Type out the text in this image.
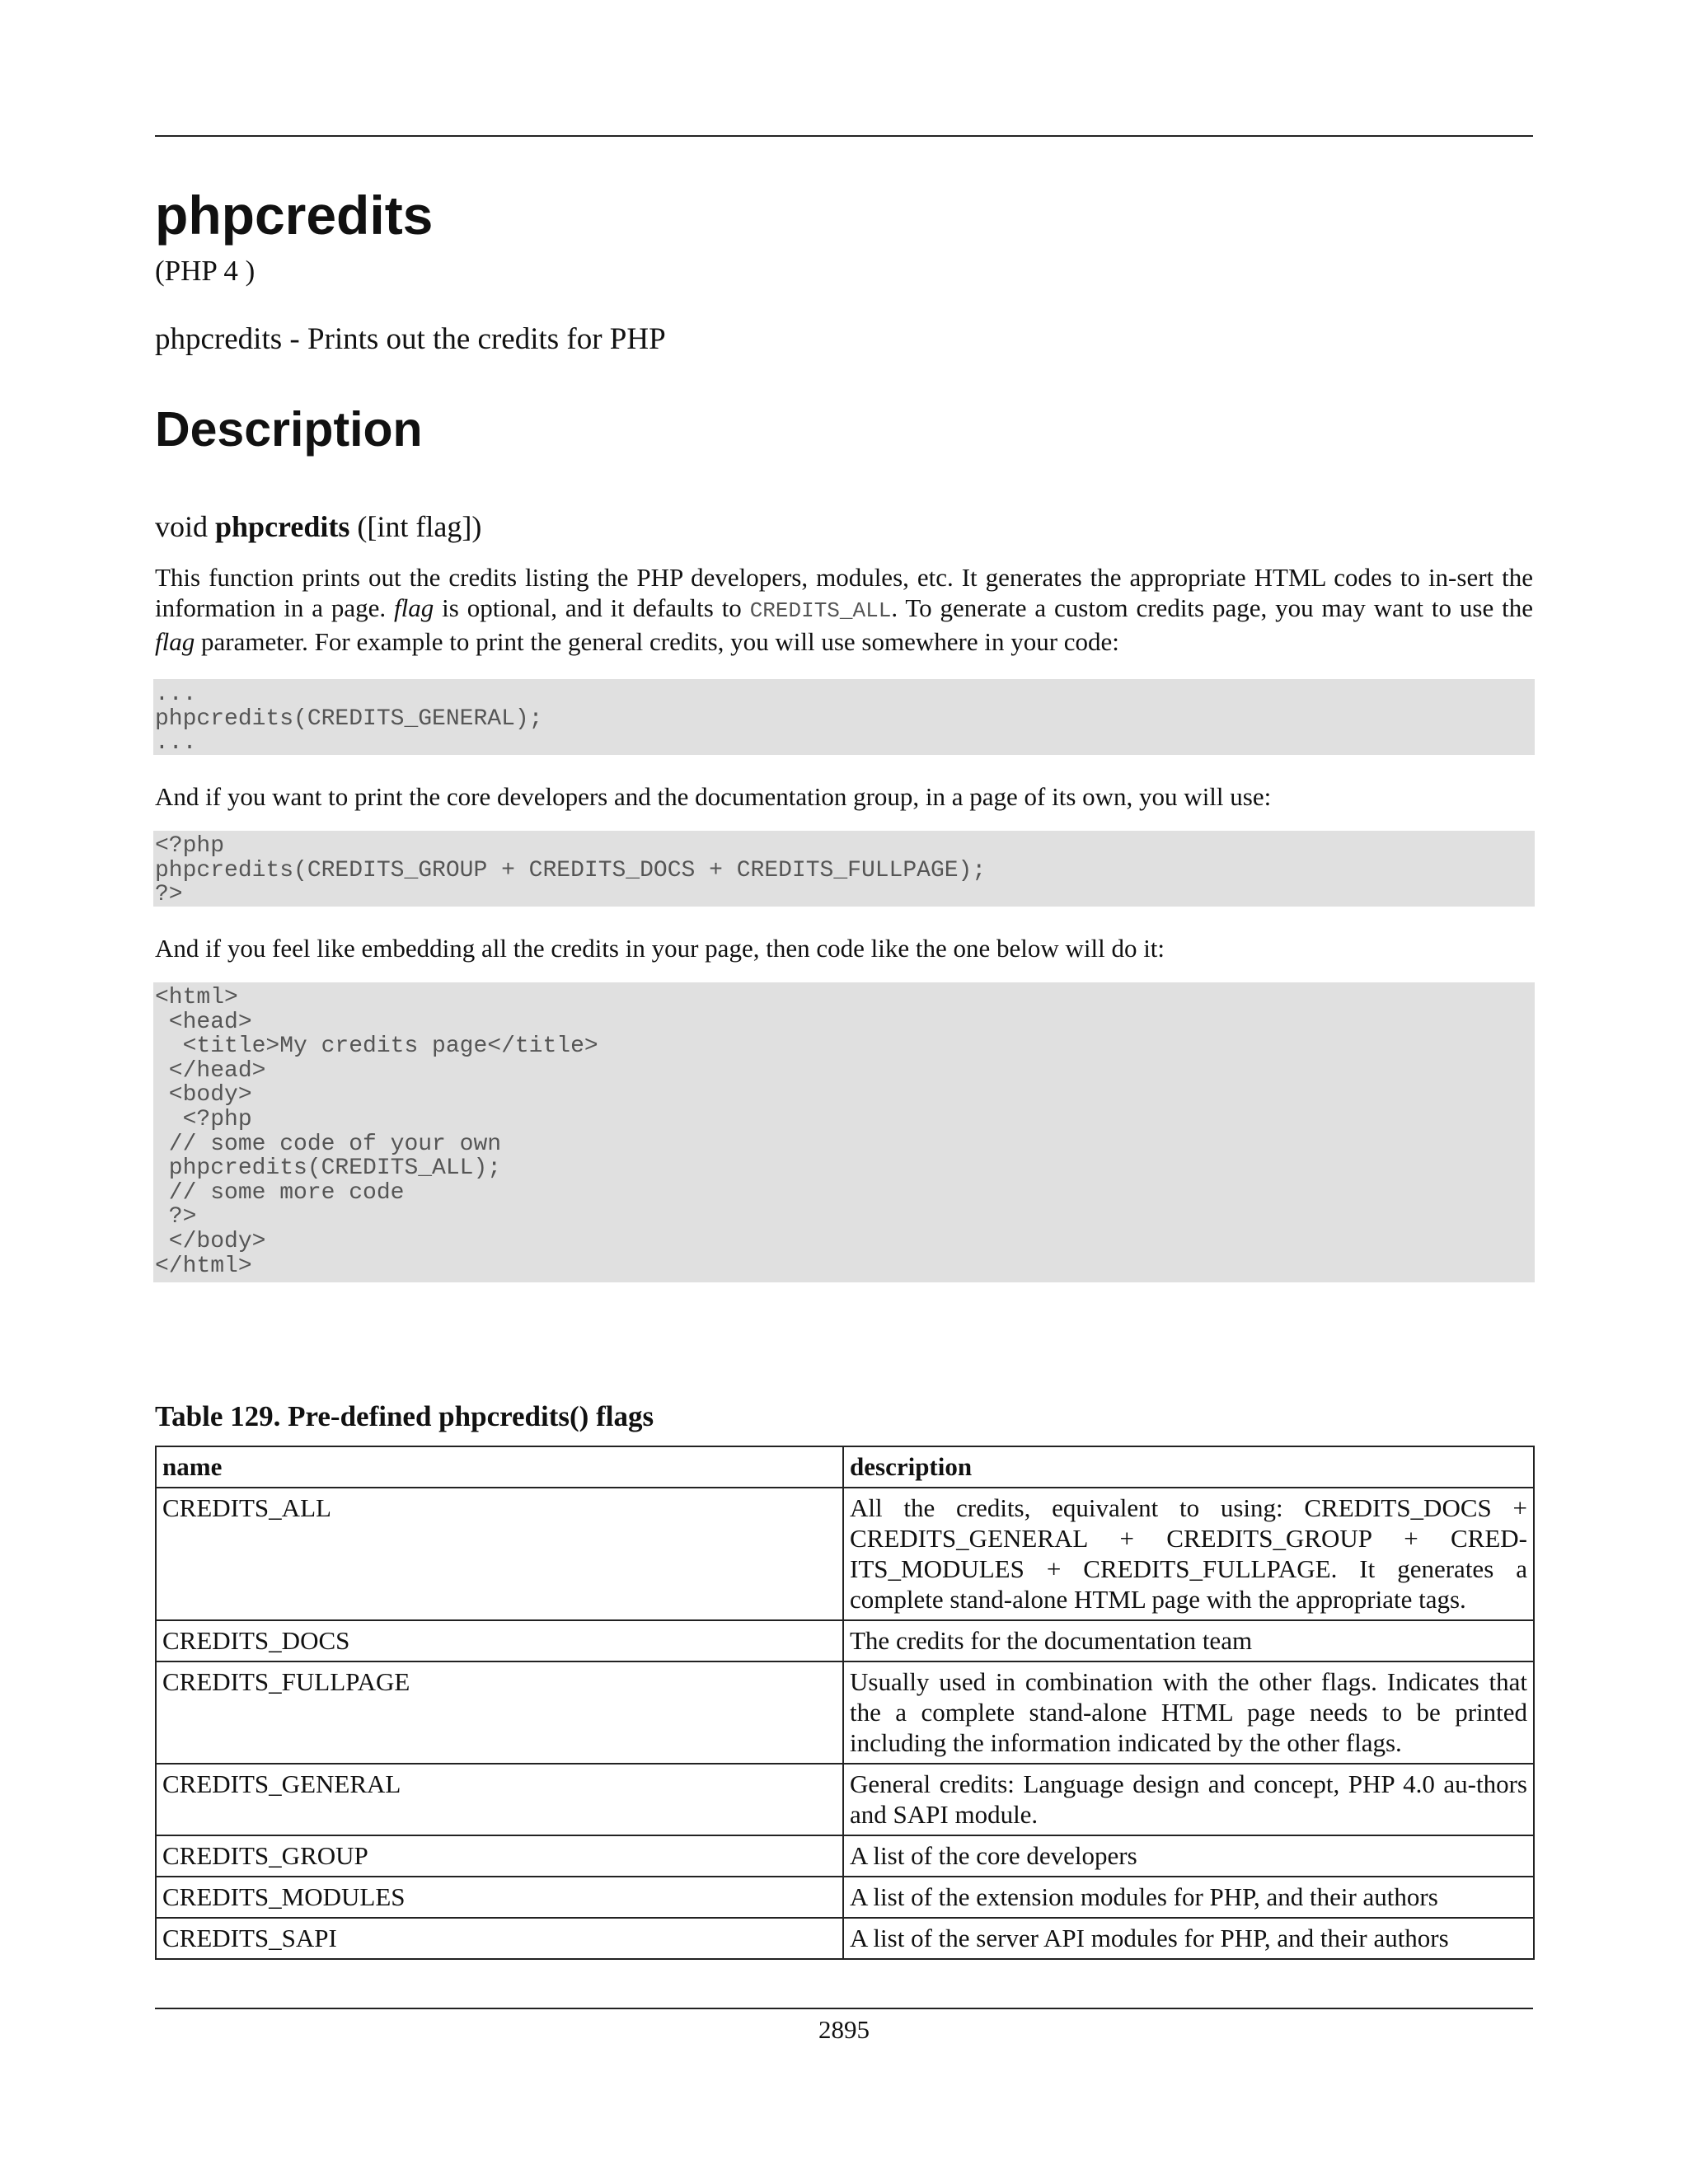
phpcredits
(PHP 4 )
phpcredits - Prints out the credits for PHP
Description
void phpcredits ([int flag])

This function prints out the credits listing the PHP developers, modules, etc. It generates the appropriate HTML codes to in-sert the information in a page. flag is optional, and it defaults to CREDITS_ALL. To generate a custom credits page, you may want to use the flag parameter. For example to print the general credits, you will use somewhere in your code:

...
phpcredits(CREDITS_GENERAL);
...

And if you want to print the core developers and the documentation group, in a page of its own, you will use:

<?php
phpcredits(CREDITS_GROUP + CREDITS_DOCS + CREDITS_FULLPAGE);
?>

And if you feel like embedding all the credits in your page, then code like the one below will do it:

<html>
<head>
<title>My credits page</title>
</head>
<body>
<?php
// some code of your own
phpcredits(CREDITS_ALL);
// some more code
?>
</body>
</html>
Table 129. Pre-defined phpcredits() flags
name	description
CREDITS_ALL	All the credits, equivalent to using: CREDITS_DOCS + CREDITS_GENERAL + CREDITS_GROUP + CRED-ITS_MODULES + CREDITS_FULLPAGE. It generates a complete stand-alone HTML page with the appropriate tags.
CREDITS_DOCS	The credits for the documentation team
CREDITS_FULLPAGE	Usually used in combination with the other flags. Indicates that the a complete stand-alone HTML page needs to be printed including the information indicated by the other flags.
CREDITS_GENERAL	General credits: Language design and concept, PHP 4.0 au-thors and SAPI module.
CREDITS_GROUP	A list of the core developers
CREDITS_MODULES	A list of the extension modules for PHP, and their authors
CREDITS_SAPI	A list of the server API modules for PHP, and their authors
2895
